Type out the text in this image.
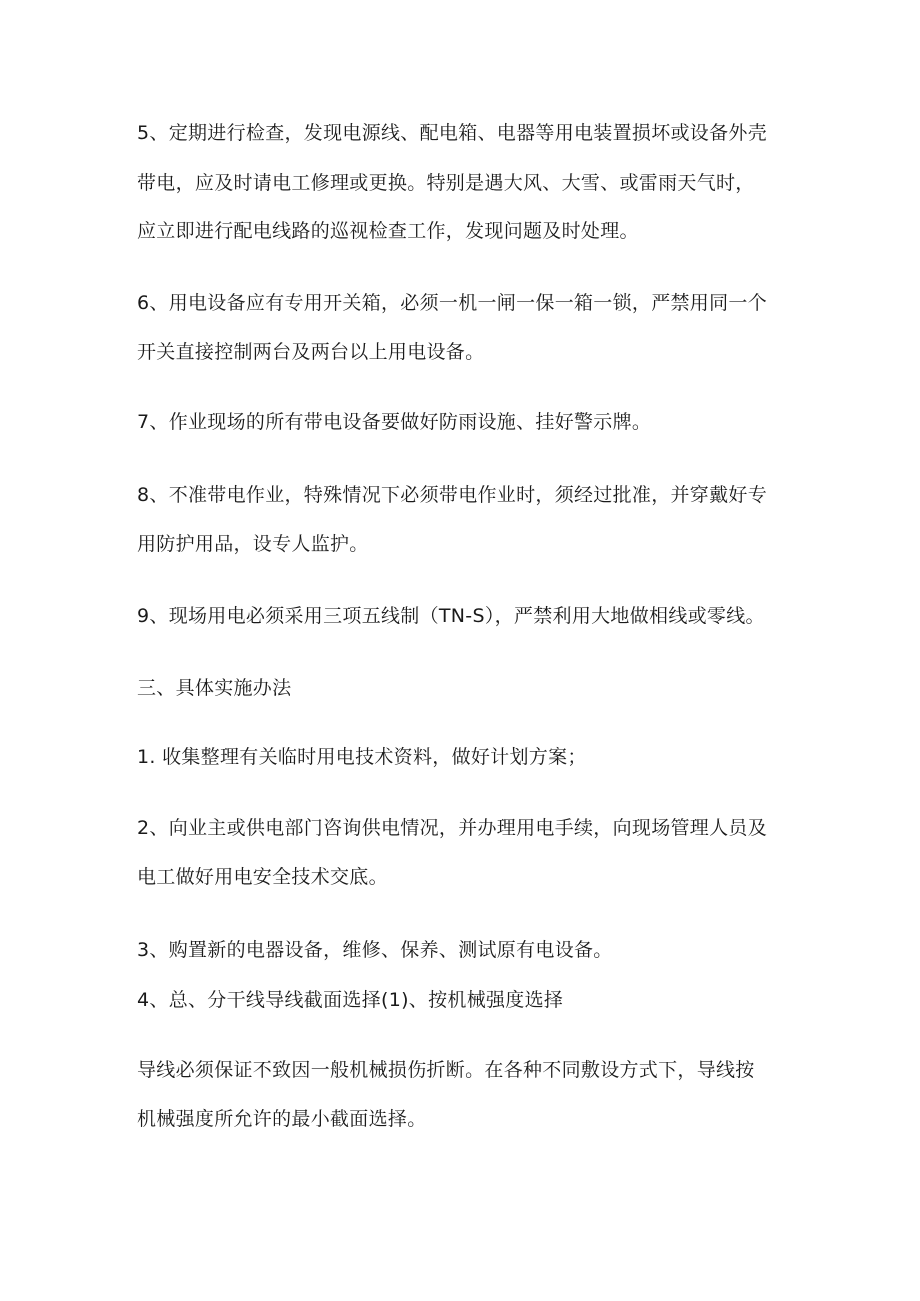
5、定期进行检查，发现电源线、配电箱、电器等用电装置损坏或设备外壳
带电，应及时请电工修理或更换。特别是遇大风、大雪、或雷雨天气时，
应立即进行配电线路的巡视检查工作，发现问题及时处理。
6、用电设备应有专用开关箱，必须一机一闸一保一箱一锁，严禁用同一个
开关直接控制两台及两台以上用电设备。
7、作业现场的所有带电设备要做好防雨设施、挂好警示牌。
8、不准带电作业，特殊情况下必须带电作业时，须经过批准，并穿戴好专
用防护用品，设专人监护。
9、现场用电必须采用三项五线制（TN-S），严禁利用大地做相线或零线。
三、具体实施办法
1. 收集整理有关临时用电技术资料，做好计划方案；
2、向业主或供电部门咨询供电情况，并办理用电手续，向现场管理人员及
电工做好用电安全技术交底。
3、购置新的电器设备，维修、保养、测试原有电设备。
4、总、分干线导线截面选择(1)、按机械强度选择
导线必须保证不致因一般机械损伤折断。在各种不同敷设方式下，导线按
机械强度所允许的最小截面选择。
